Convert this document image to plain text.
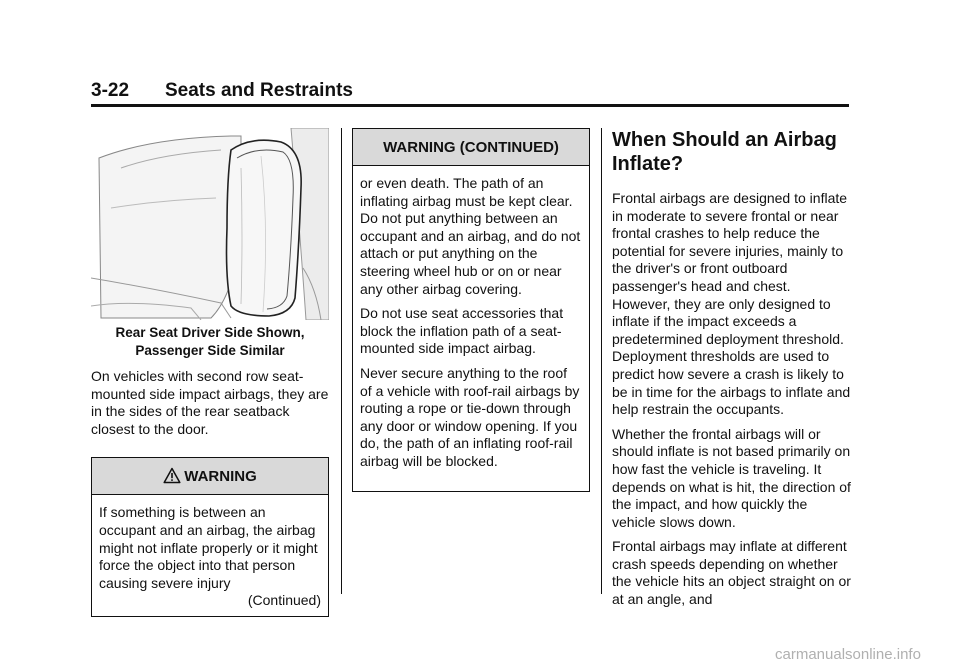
3-22 Seats and Restraints
Rear Seat Driver Side Shown,
Passenger Side Similar
On vehicles with second row seat-mounted side impact airbags, they are in the sides of the rear seatback closest to the door.
WARNING
If something is between an occupant and an airbag, the airbag might not inflate properly or it might force the object into that person causing severe injury
(Continued)
WARNING (CONTINUED)
or even death. The path of an inflating airbag must be kept clear. Do not put anything between an occupant and an airbag, and do not attach or put anything on the steering wheel hub or on or near any other airbag covering.
Do not use seat accessories that block the inflation path of a seat-mounted side impact airbag.
Never secure anything to the roof of a vehicle with roof-rail airbags by routing a rope or tie-down through any door or window opening. If you do, the path of an inflating roof-rail airbag will be blocked.
When Should an Airbag Inflate?
Frontal airbags are designed to inflate in moderate to severe frontal or near frontal crashes to help reduce the potential for severe injuries, mainly to the driver's or front outboard passenger's head and chest. However, they are only designed to inflate if the impact exceeds a predetermined deployment threshold. Deployment thresholds are used to predict how severe a crash is likely to be in time for the airbags to inflate and help restrain the occupants.
Whether the frontal airbags will or should inflate is not based primarily on how fast the vehicle is traveling. It depends on what is hit, the direction of the impact, and how quickly the vehicle slows down.
Frontal airbags may inflate at different crash speeds depending on whether the vehicle hits an object straight on or at an angle, and
carmanualsonline.info
